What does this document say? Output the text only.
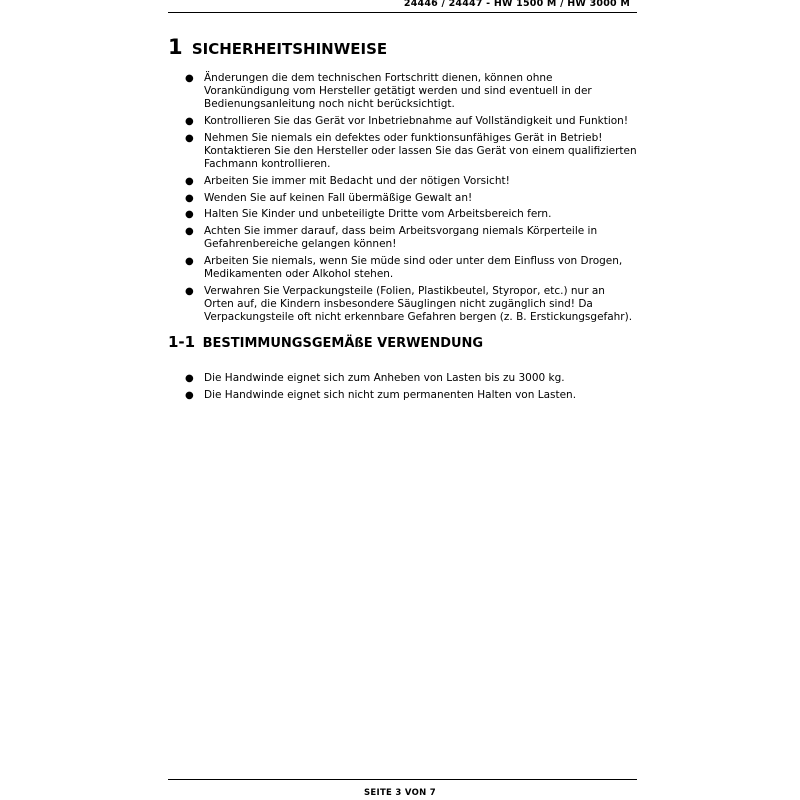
24446 / 24447 - HW 1500 M / HW 3000 M
1 SICHERHEITSHINWEISE
● Änderungen die dem technischen Fortschritt dienen, können ohne Vorankündigung vom Hersteller getätigt werden und sind eventuell in der Bedienungsanleitung noch nicht berücksichtigt.
● Kontrollieren Sie das Gerät vor Inbetriebnahme auf Vollständigkeit und Funktion!
● Nehmen Sie niemals ein defektes oder funktionsunfähiges Gerät in Betrieb! Kontaktieren Sie den Hersteller oder lassen Sie das Gerät von einem qualifizierten Fachmann kontrollieren.
● Arbeiten Sie immer mit Bedacht und der nötigen Vorsicht!
● Wenden Sie auf keinen Fall übermäßige Gewalt an!
● Halten Sie Kinder und unbeteiligte Dritte vom Arbeitsbereich fern.
● Achten Sie immer darauf, dass beim Arbeitsvorgang niemals Körperteile in Gefahrenbereiche gelangen können!
● Arbeiten Sie niemals, wenn Sie müde sind oder unter dem Einfluss von Drogen, Medikamenten oder Alkohol stehen.
● Verwahren Sie Verpackungsteile (Folien, Plastikbeutel, Styropor, etc.) nur an Orten auf, die Kindern insbesondere Säuglingen nicht zugänglich sind! Da Verpackungsteile oft nicht erkennbare Gefahren bergen (z. B. Erstickungsgefahr).
1-1 BESTIMMUNGSGEMÄßE VERWENDUNG
● Die Handwinde eignet sich zum Anheben von Lasten bis zu 3000 kg.
● Die Handwinde eignet sich nicht zum permanenten Halten von Lasten.
SEITE 3 VON 7
